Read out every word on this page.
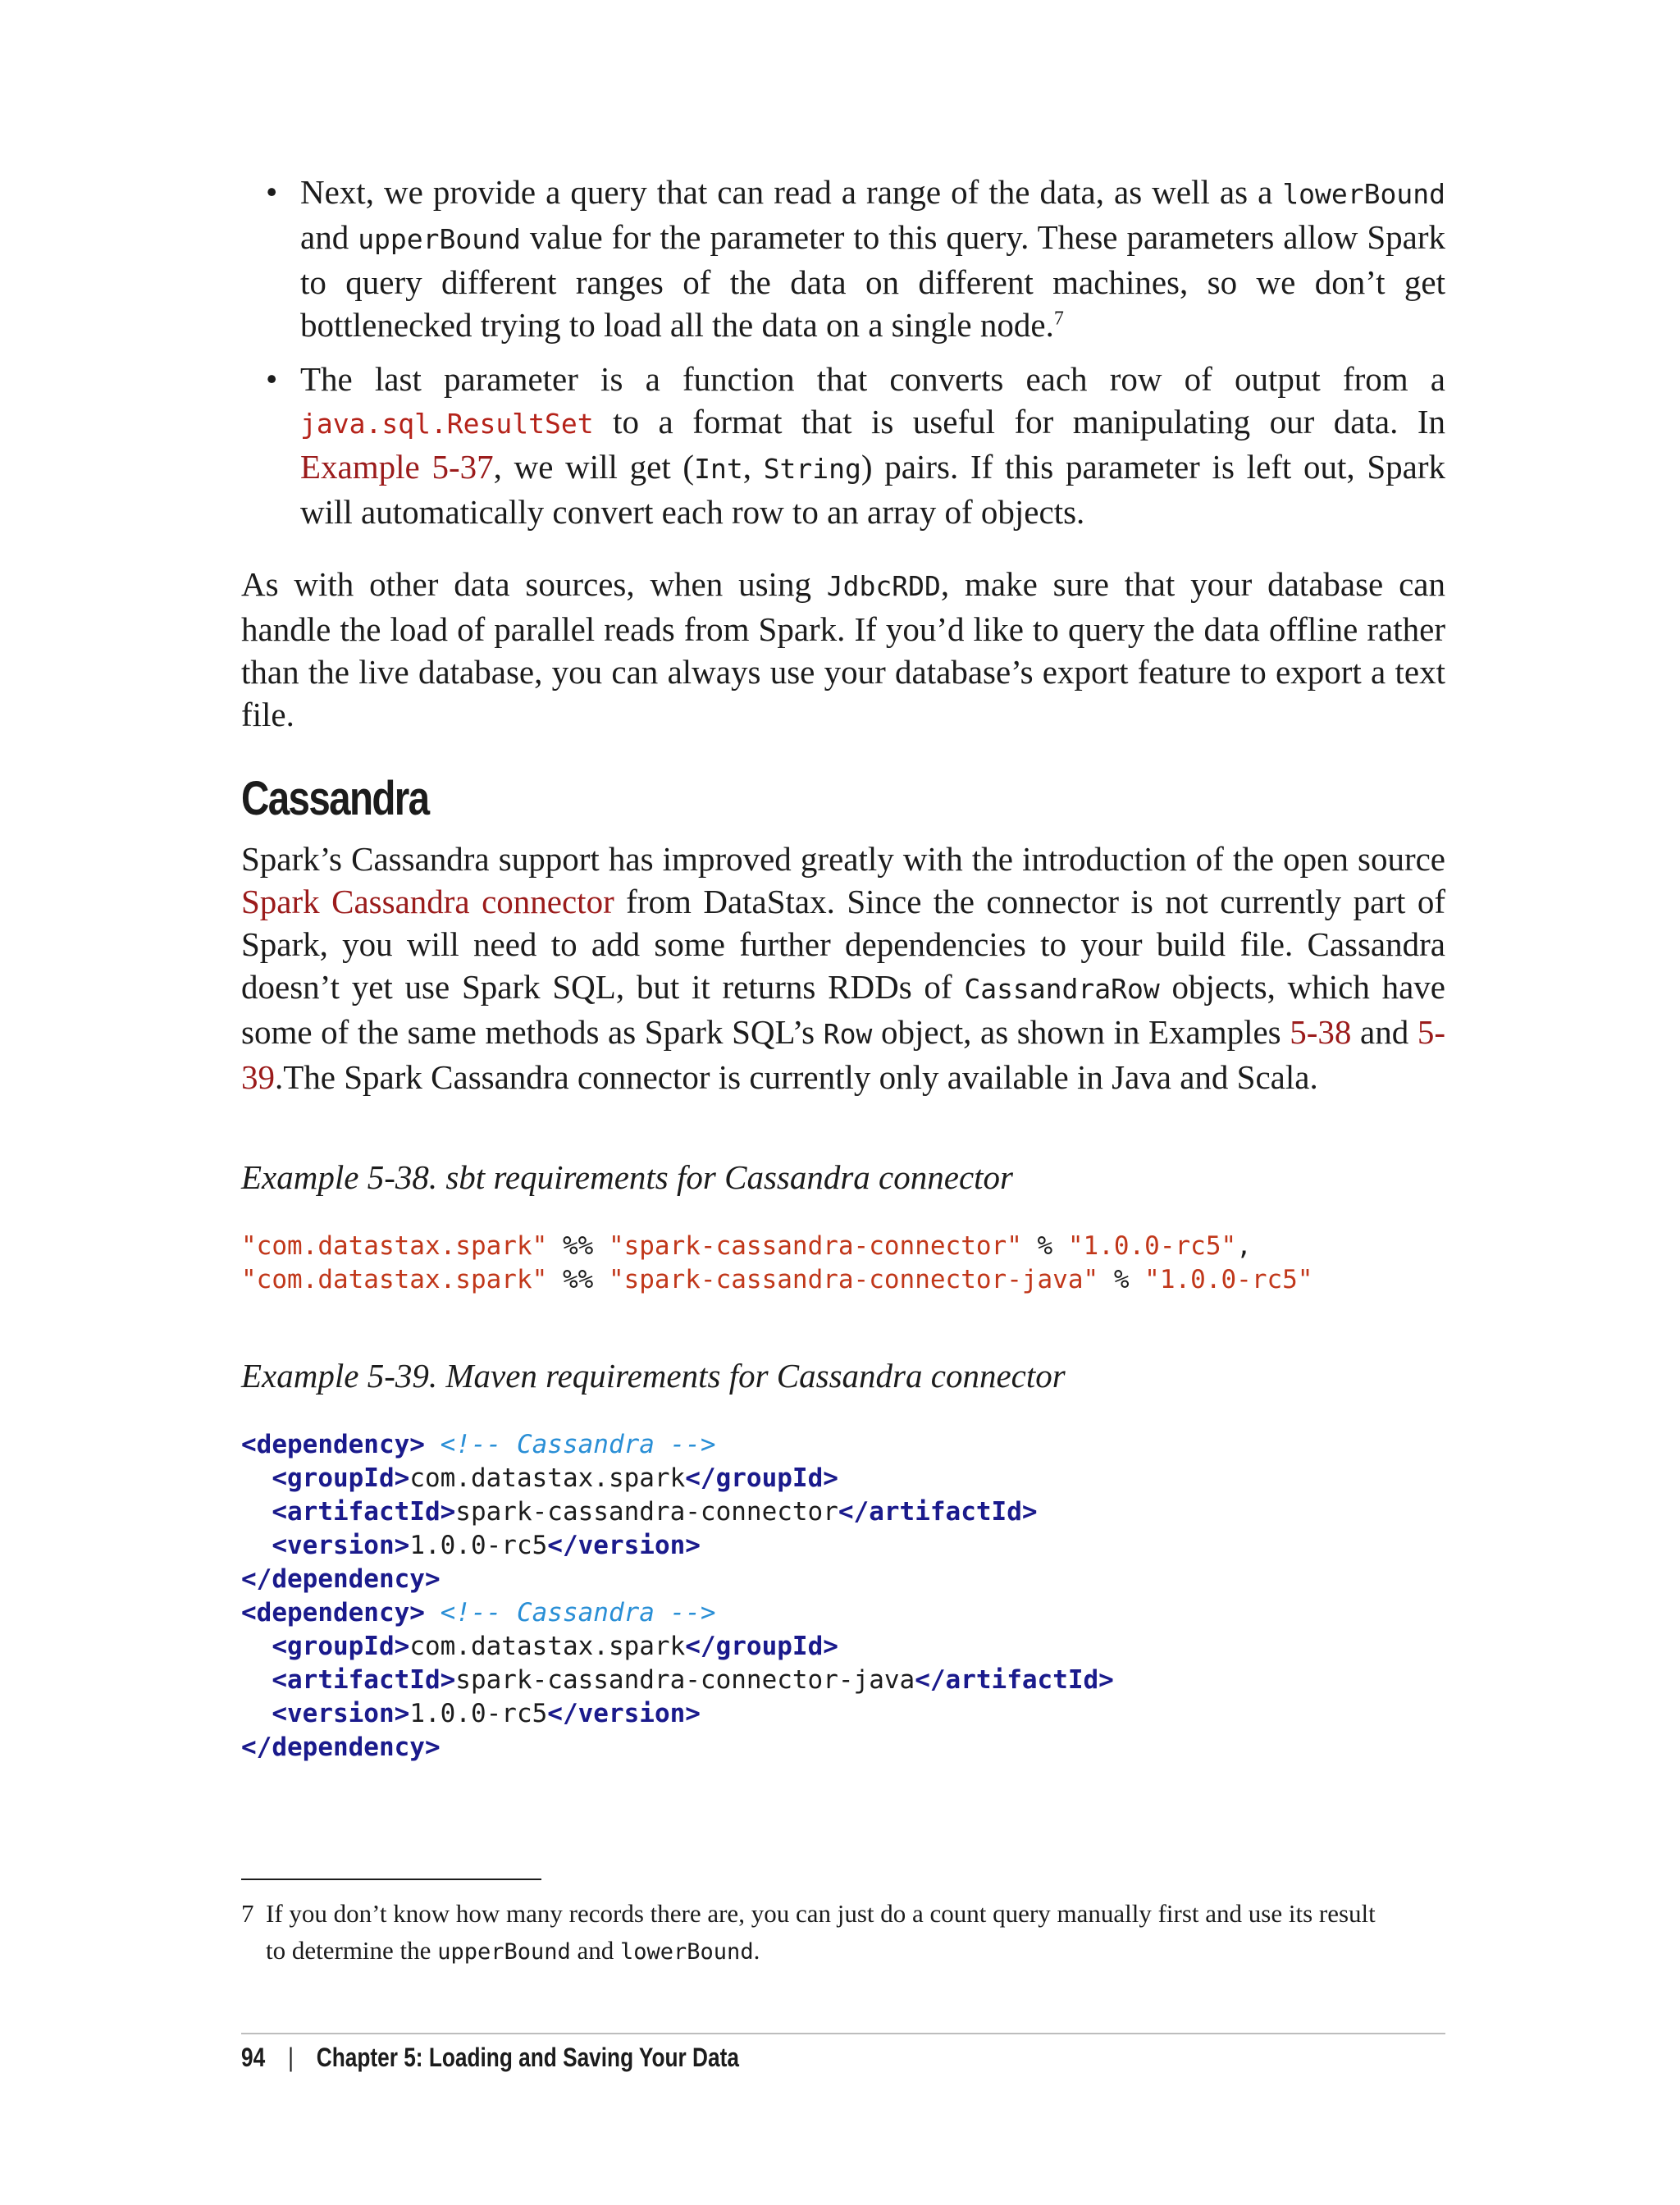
• Next, we provide a query that can read a range of the data, as well as a lowerBound and upperBound value for the parameter to this query. These parameters allow Spark to query different ranges of the data on different machines, so we don’t get bottlenecked trying to load all the data on a single node.$^7$
• The last parameter is a function that converts each row of output from a java.sql.ResultSet to a format that is useful for manipulating our data. In Example 5-37, we will get (Int, String) pairs. If this parameter is left out, Spark will automatically convert each row to an array of objects.

As with other data sources, when using JdbcRDD, make sure that your database can handle the load of parallel reads from Spark. If you’d like to query the data offline rather than the live database, you can always use your database’s export feature to export a text file.

Cassandra

Spark’s Cassandra support has improved greatly with the introduction of the open source Spark Cassandra connector from DataStax. Since the connector is not currently part of Spark, you will need to add some further dependencies to your build file. Cassandra doesn’t yet use Spark SQL, but it returns RDDs of CassandraRow objects, which have some of the same methods as Spark SQL’s Row object, as shown in Examples 5-38 and 5-39.The Spark Cassandra connector is currently only available in Java and Scala.

Example 5-38. sbt requirements for Cassandra connector
"com.datastax.spark" %% "spark-cassandra-connector" % "1.0.0-rc5",
"com.datastax.spark" %% "spark-cassandra-connector-java" % "1.0.0-rc5"
Example 5-39. Maven requirements for Cassandra connector
<dependency> <!-- Cassandra -->
<groupId>com.datastax.spark</groupId>
<artifactId>spark-cassandra-connector</artifactId>
<version>1.0.0-rc5</version>
</dependency>
<dependency> <!-- Cassandra -->
<groupId>com.datastax.spark</groupId>
<artifactId>spark-cassandra-connector-java</artifactId>
<version>1.0.0-rc5</version>
</dependency>
7 If you don’t know how many records there are, you can just do a count query manually first and use its result
to determine the upperBound and lowerBound.
94 | Chapter 5: Loading and Saving Your Data
